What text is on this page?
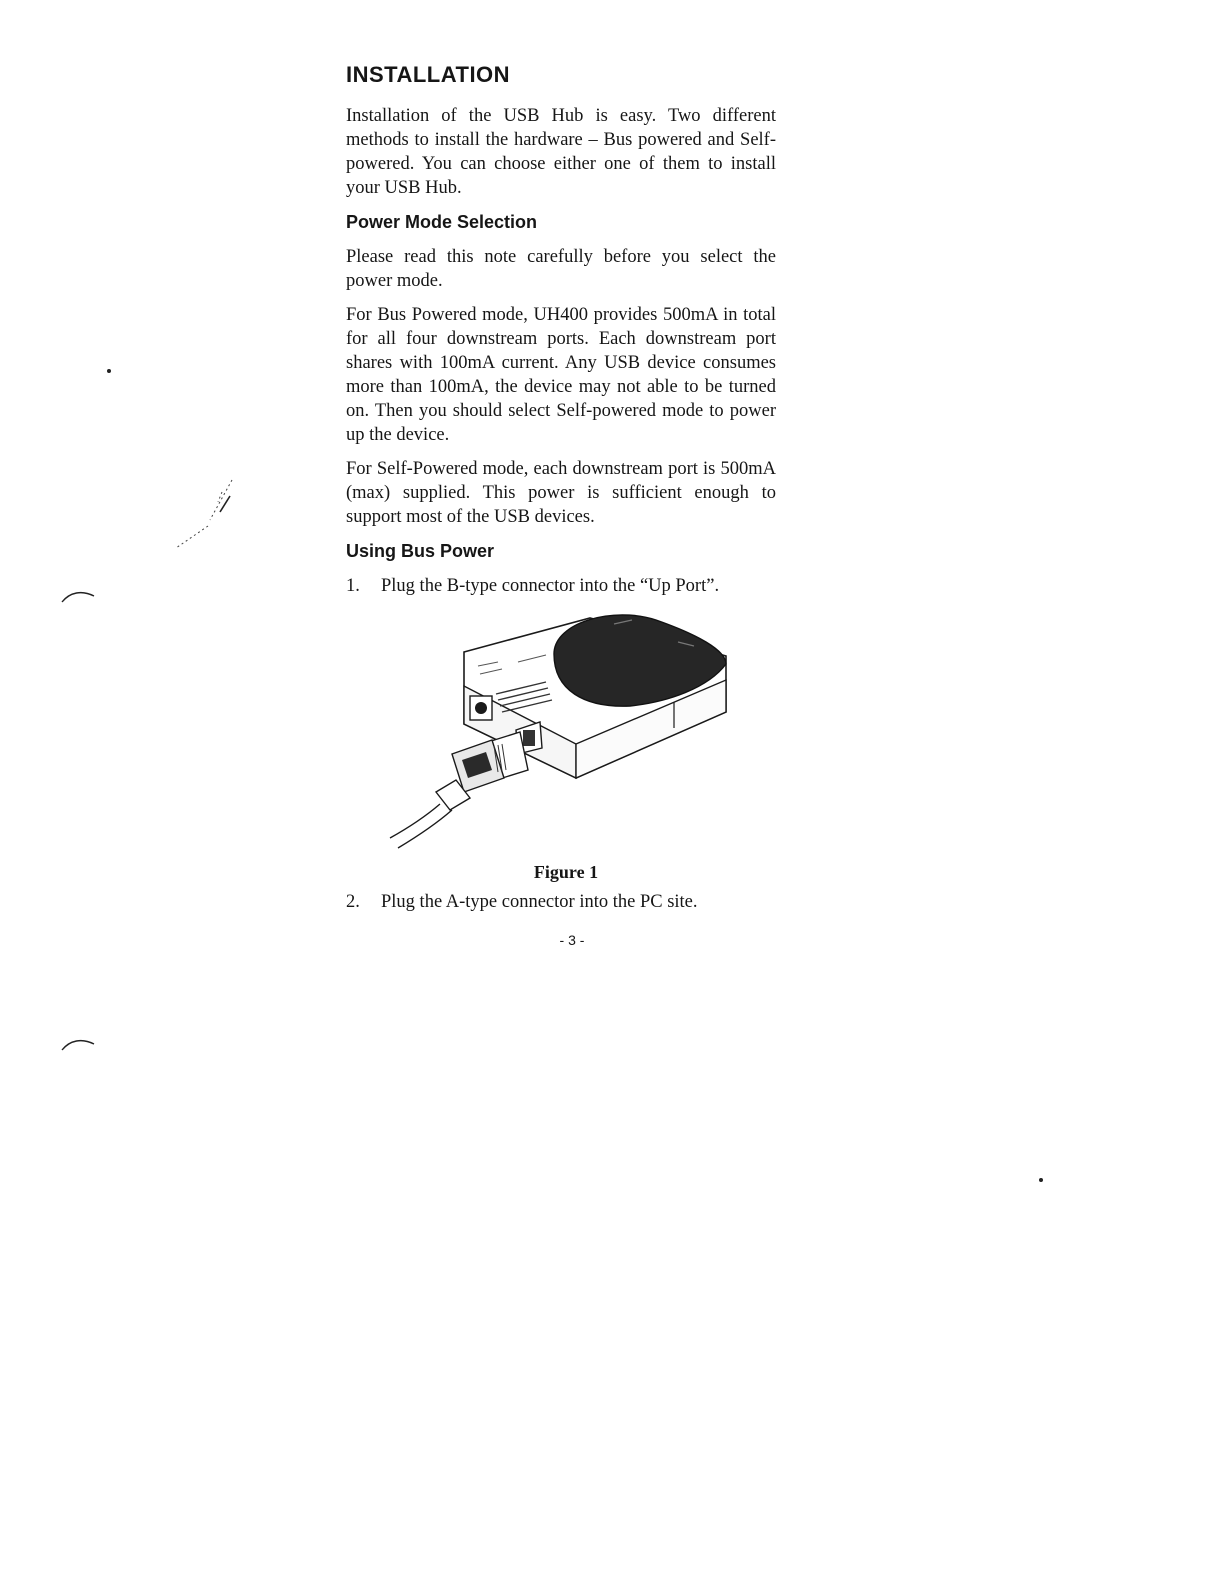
INSTALLATION

Installation of the USB Hub is easy. Two different methods to install the hardware – Bus powered and Self-powered. You can choose either one of them to install your USB Hub.

Power Mode Selection

Please read this note carefully before you select the power mode.

For Bus Powered mode, UH400 provides 500mA in total for all four downstream ports. Each downstream port shares with 100mA current. Any USB device consumes more than 100mA, the device may not able to be turned on. Then you should select Self-powered mode to power up the device.

For Self-Powered mode, each downstream port is 500mA (max) supplied. This power is sufficient enough to support most of the USB devices.

Using Bus Power
1. Plug the B-type connector into the “Up Port”.
Figure 1
2. Plug the A-type connector into the PC site.
- 3 -
